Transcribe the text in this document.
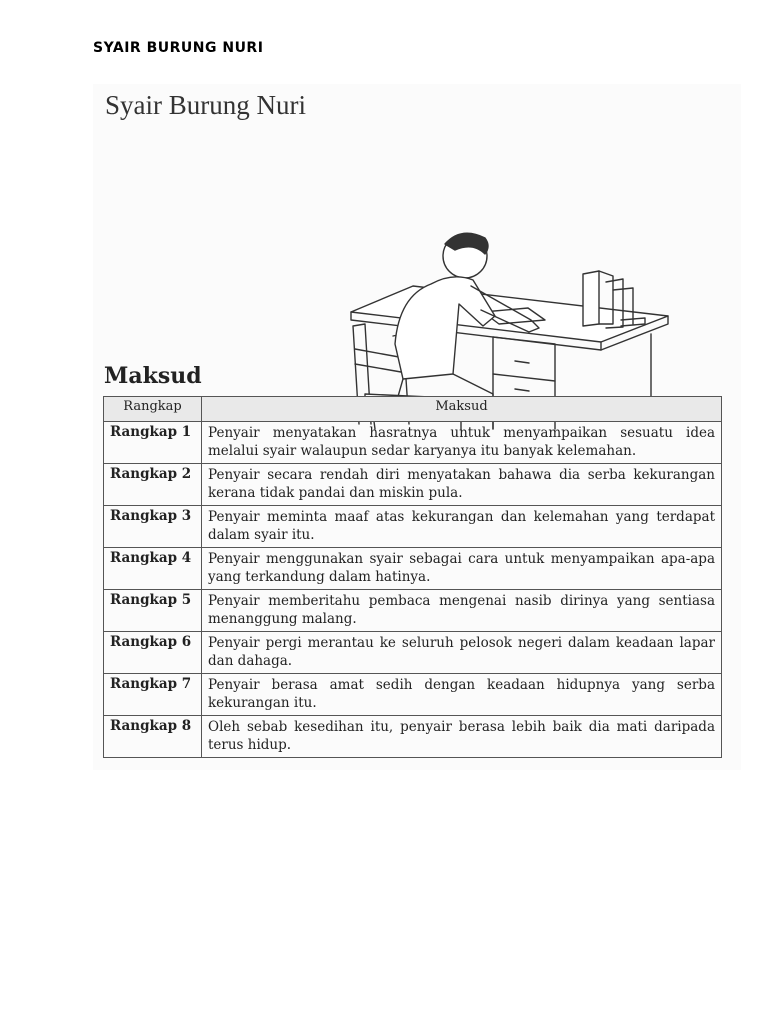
SYAIR BURUNG NURI
Syair Burung Nuri
Maksud
Rangkap	Maksud
Rangkap 1	Penyair menyatakan hasratnya untuk menyampaikan sesuatu idea melalui syair walaupun sedar karyanya itu banyak kelemahan.
Rangkap 2	Penyair secara rendah diri menyatakan bahawa dia serba kekurangan kerana tidak pandai dan miskin pula.
Rangkap 3	Penyair meminta maaf atas kekurangan dan kelemahan yang terdapat dalam syair itu.
Rangkap 4	Penyair menggunakan syair sebagai cara untuk menyampaikan apa-apa yang terkandung dalam hatinya.
Rangkap 5	Penyair memberitahu pembaca mengenai nasib dirinya yang sentiasa menanggung malang.
Rangkap 6	Penyair pergi merantau ke seluruh pelosok negeri dalam keadaan lapar dan dahaga.
Rangkap 7	Penyair berasa amat sedih dengan keadaan hidupnya yang serba kekurangan itu.
Rangkap 8	Oleh sebab kesedihan itu, penyair berasa lebih baik dia mati daripada terus hidup.
